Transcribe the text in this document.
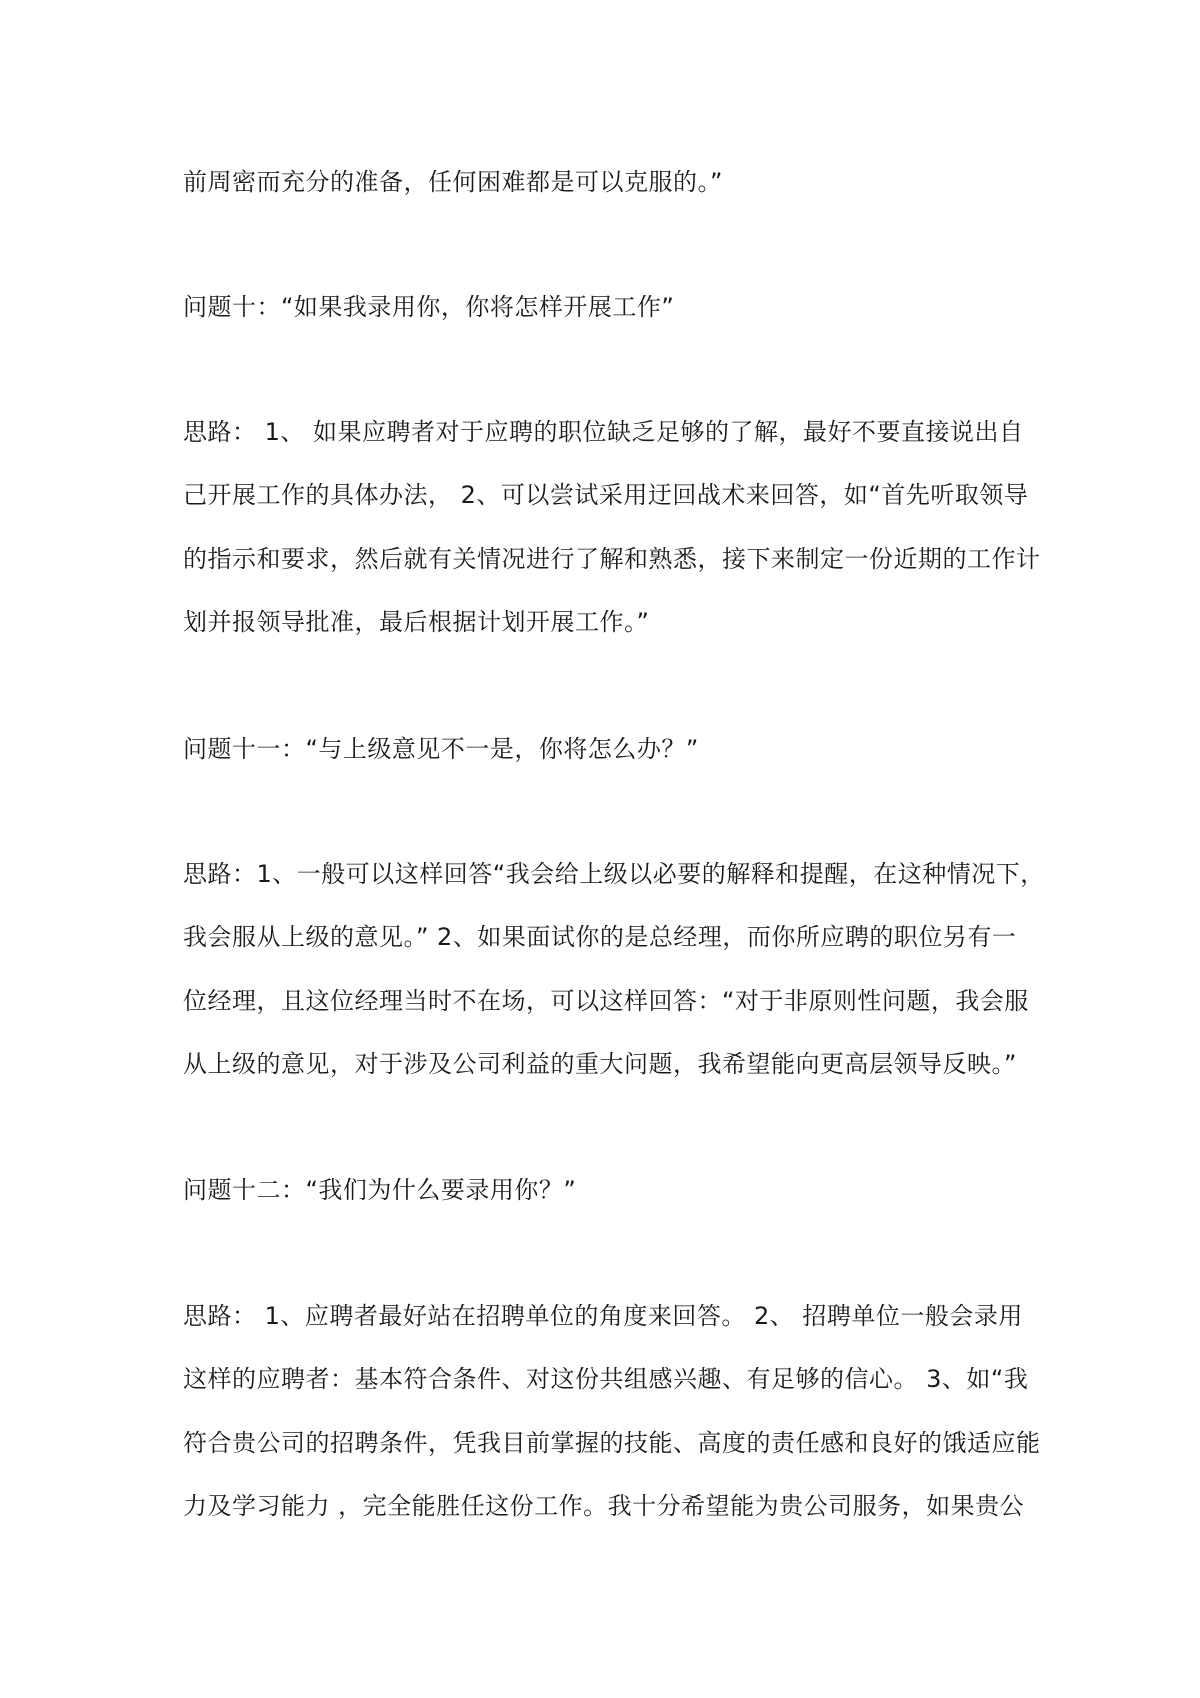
前周密而充分的准备，任何困难都是可以克服的。”
问题十：“如果我录用你，你将怎样开展工作”
思路： 1、 如果应聘者对于应聘的职位缺乏足够的了解，最好不要直接说出自
己开展工作的具体办法， 2、可以尝试采用迂回战术来回答，如“首先听取领导
的指示和要求，然后就有关情况进行了解和熟悉，接下来制定一份近期的工作计
划并报领导批准，最后根据计划开展工作。”
问题十一：“与上级意见不一是，你将怎么办？”
思路：1、一般可以这样回答“我会给上级以必要的解释和提醒，在这种情况下，
我会服从上级的意见。” 2、如果面试你的是总经理，而你所应聘的职位另有一
位经理，且这位经理当时不在场，可以这样回答：“对于非原则性问题，我会服
从上级的意见，对于涉及公司利益的重大问题，我希望能向更高层领导反映。”
问题十二：“我们为什么要录用你？”
思路： 1、应聘者最好站在招聘单位的角度来回答。 2、 招聘单位一般会录用
这样的应聘者：基本符合条件、对这份共组感兴趣、有足够的信心。 3、如“我
符合贵公司的招聘条件，凭我目前掌握的技能、高度的责任感和良好的饿适应能
力及学习能力 ，完全能胜任这份工作。我十分希望能为贵公司服务，如果贵公
